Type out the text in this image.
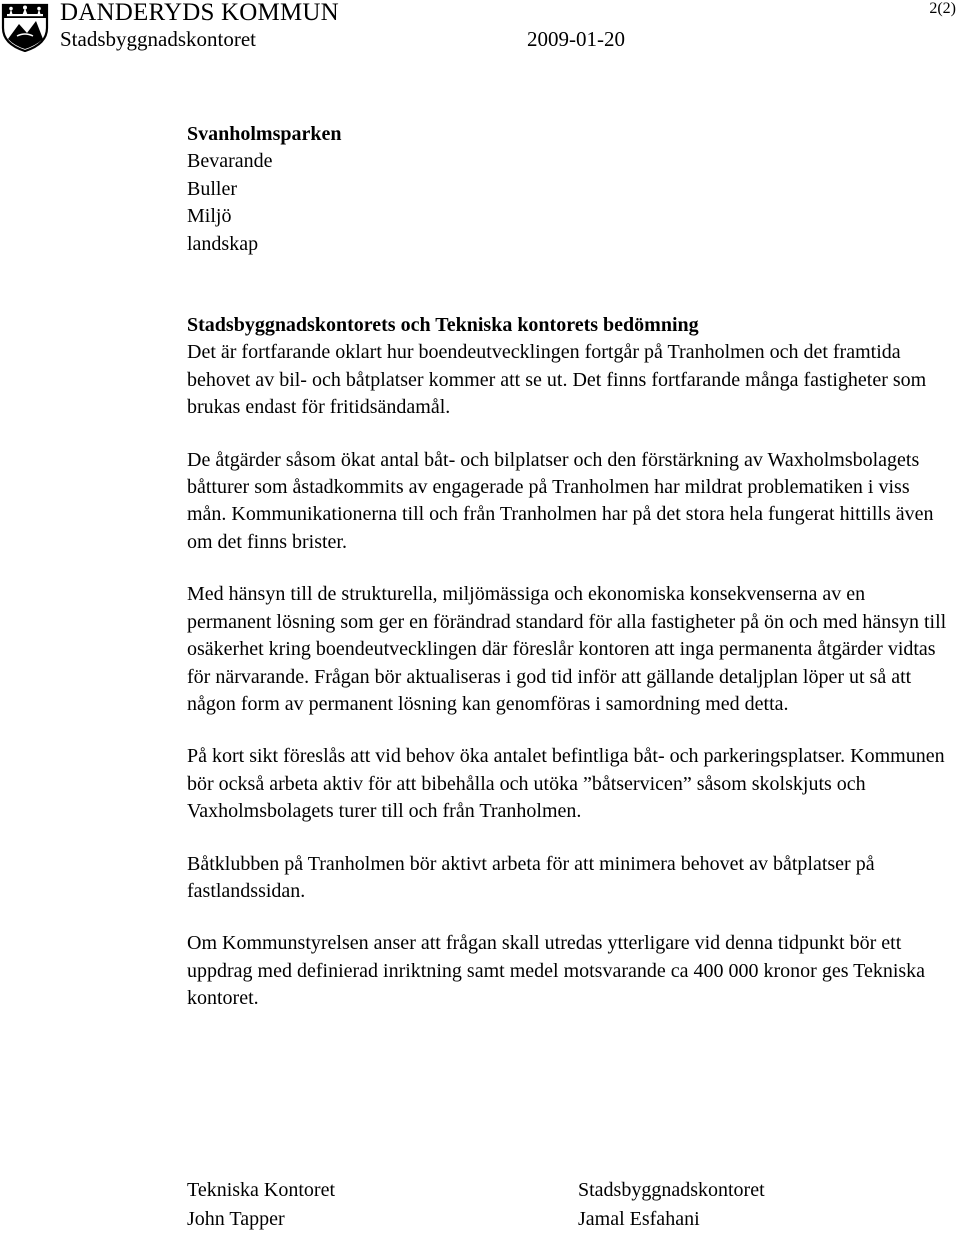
DANDERYDS KOMMUN
Stadsbyggnadskontoret	2009-01-20
2(2)

Svanholmsparken

Bevarande
Buller
Miljö
landskap

Stadsbyggnadskontorets och Tekniska kontorets bedömning

Det är fortfarande oklart hur boendeutvecklingen fortgår på Tranholmen och det framtida behovet av bil- och båtplatser kommer att se ut. Det finns fortfarande många fastigheter som brukas endast för fritidsändamål.

De åtgärder såsom ökat antal båt- och bilplatser och den förstärkning av Waxholmsbolagets båtturer som åstadkommits av engagerade på Tranholmen har mildrat problematiken i viss mån. Kommunikationerna till och från Tranholmen har på det stora hela fungerat hittills även om det finns brister.

Med hänsyn till de strukturella, miljömässiga och ekonomiska konsekvenserna av en permanent lösning som ger en förändrad standard för alla fastigheter på ön och med hänsyn till osäkerhet kring boendeutvecklingen där föreslår kontoren att inga permanenta åtgärder vidtas för närvarande. Frågan bör aktualiseras i god tid inför att gällande detaljplan löper ut så att någon form av permanent lösning kan genomföras i samordning med detta.

På kort sikt föreslås att vid behov öka antalet befintliga båt- och parkeringsplatser. Kommunen bör också arbeta aktiv för att bibehålla och utöka ”båtservicen” såsom skolskjuts och Vaxholmsbolagets turer till och från Tranholmen.

Båtklubben på Tranholmen bör aktivt arbeta för att minimera behovet av båtplatser på fastlandssidan.

Om Kommunstyrelsen anser att frågan skall utredas ytterligare vid denna tidpunkt bör ett uppdrag med definierad inriktning samt medel motsvarande ca 400 000 kronor ges Tekniska kontoret.

Tekniska Kontoret
John Tapper
Stadsbyggnadskontoret
Jamal Esfahani
